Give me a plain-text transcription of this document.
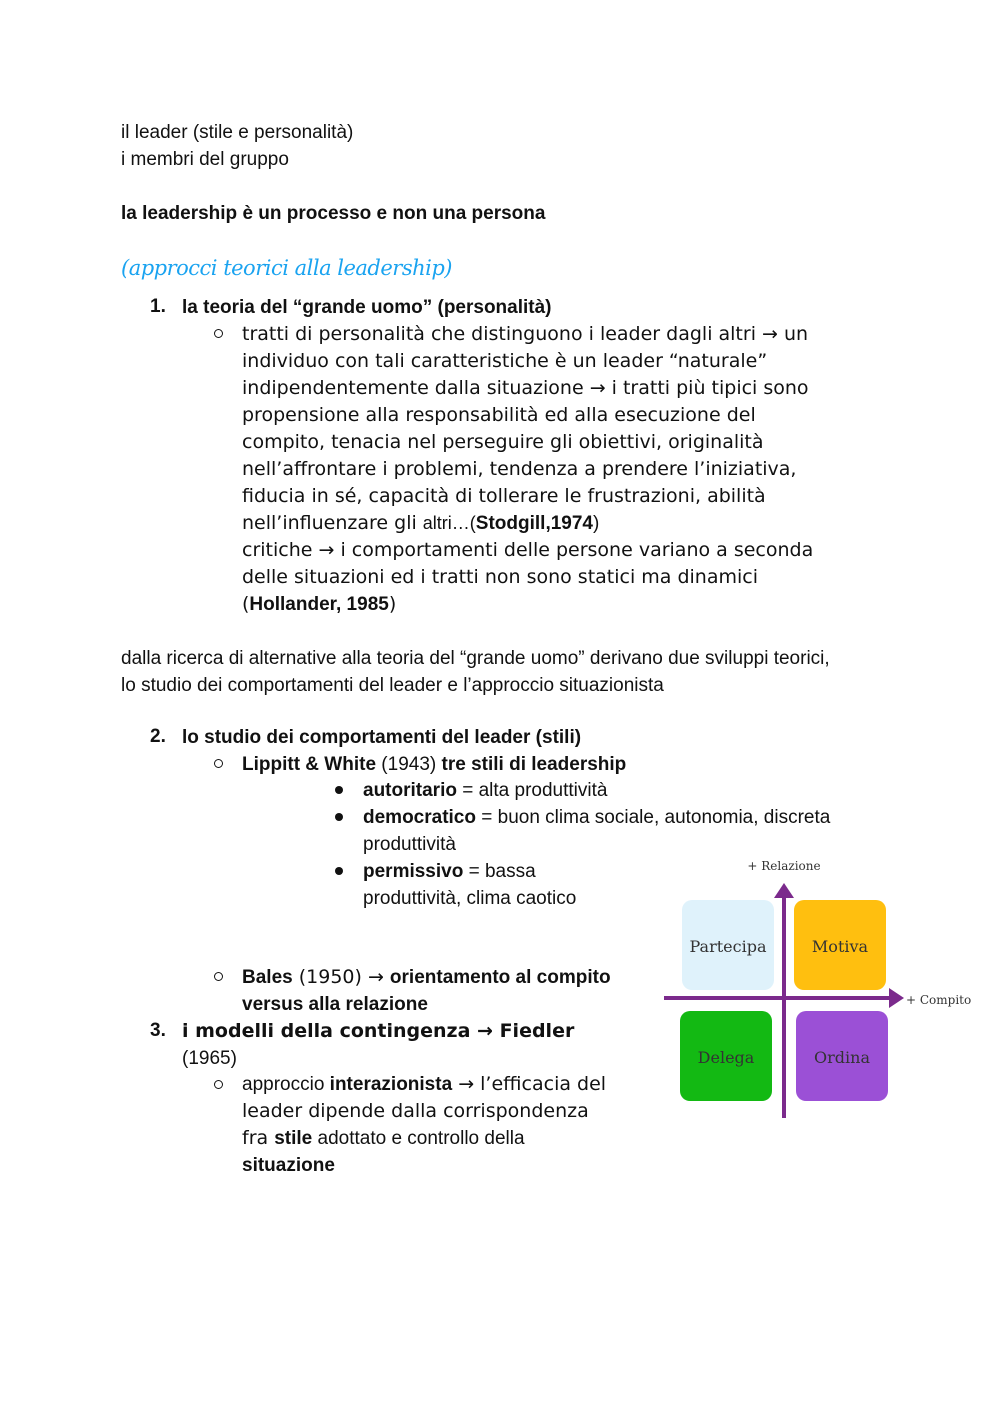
il leader (stile e personalità)
i membri del gruppo
la leadership è un processo e non una persona
(approcci teorici alla leadership)
1. la teoria del “grande uomo” (personalità)
tratti di personalità che distinguono i leader dagli altri → un
individuo con tali caratteristiche è un leader “naturale”
indipendentemente dalla situazione → i tratti più tipici sono
propensione alla responsabilità ed alla esecuzione del
compito, tenacia nel perseguire gli obiettivi, originalità
nell’affrontare i problemi, tendenza a prendere l’iniziativa,
fiducia in sé, capacità di tollerare le frustrazioni, abilità
nell’influenzare gli altri…(Stodgill,1974)
critiche → i comportamenti delle persone variano a seconda
delle situazioni ed i tratti non sono statici ma dinamici
(Hollander, 1985)
dalla ricerca di alternative alla teoria del “grande uomo” derivano due sviluppi teorici,
lo studio dei comportamenti del leader e l’approccio situazionista
2. lo studio dei comportamenti del leader (stili)
Lippitt & White (1943) tre stili di leadership
autoritario = alta produttività
democratico = buon clima sociale, autonomia, discreta
produttività
permissivo = bassa
produttività, clima caotico
Bales (1950) → orientamento al compito
versus alla relazione
3. i modelli della contingenza → Fiedler
(1965)
approccio interazionista → l’efficacia del
leader dipende dalla corrispondenza
fra stile adottato e controllo della
situazione
Partecipa	Motiva
Delega	Ordina
+ Relazione
+ Compito
